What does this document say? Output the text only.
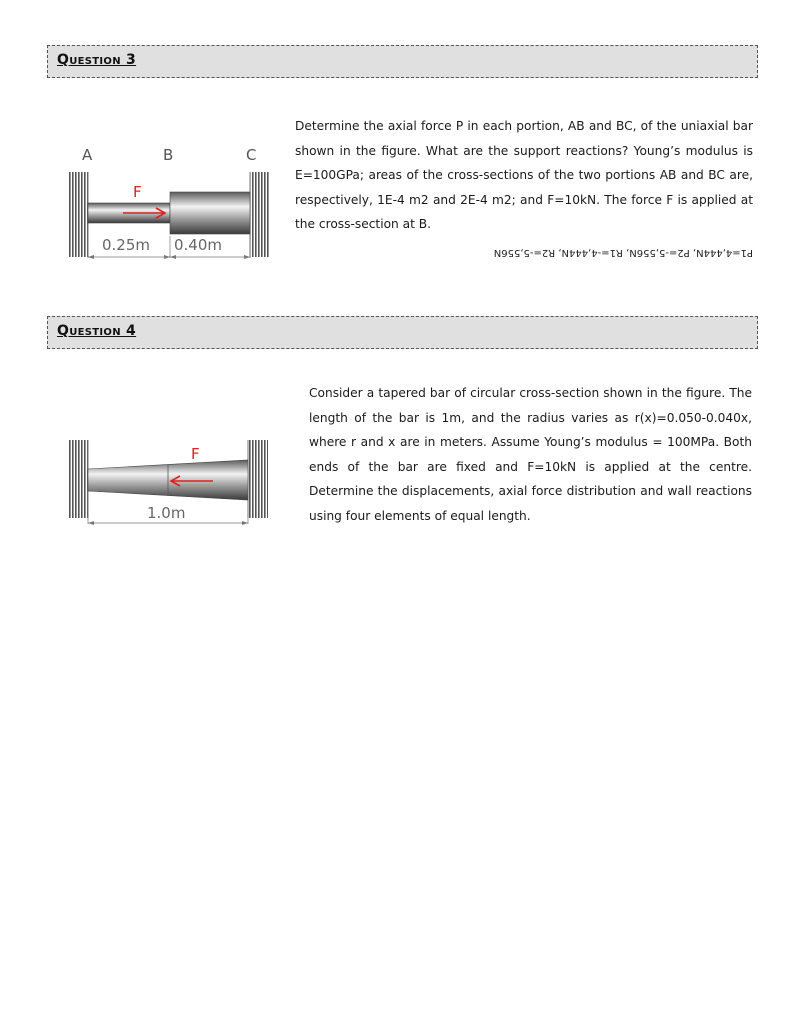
Question 3
A	B	C
F
0.25m 0.40m
Determine the axial force P in each portion, AB and BC, of the uniaxial bar shown in the figure. What are the support reactions? Young’s modulus is E=100GPa; areas of the cross-sections of the two portions AB and BC are, respectively, 1E-4 m2 and 2E-4 m2; and F=10kN. The force F is applied at the cross-section at B.
P1=4,444N, P2=-5,556N, R1=-4,444N, R2=-5,556N
Question 4
F
1.0m
Consider a tapered bar of circular cross-section shown in the figure. The length of the bar is 1m, and the radius varies as r(x)=0.050-0.040x, where r and x are in meters. Assume Young’s modulus = 100MPa. Both ends of the bar are fixed and F=10kN is applied at the centre. Determine the displacements, axial force distribution and wall reactions using four elements of equal length.
